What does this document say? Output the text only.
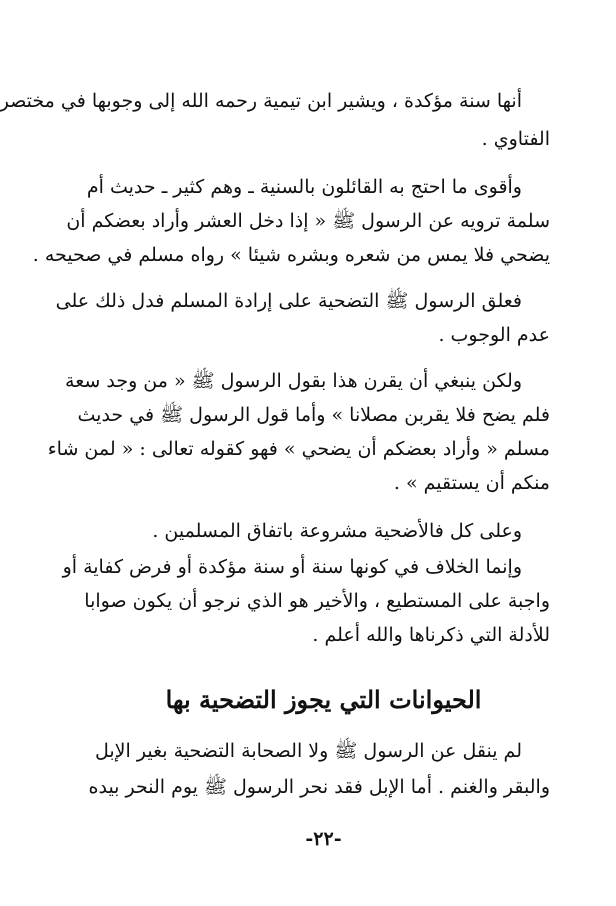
أنها سنة مؤكدة ، ويشير ابن تيمية رحمه الله إلى وجوبها في مختصر
الفتاوي .
وأقوى ما احتج به القائلون بالسنية ـ وهم كثير ـ حديث أم
سلمة ترويه عن الرسول ﷺ « إذا دخل العشر وأراد بعضكم أن
يضحي فلا يمس من شعره وبشره شيئا » رواه مسلم في صحيحه .
فعلق الرسول ﷺ التضحية على إرادة المسلم فدل ذلك على
عدم الوجوب .
ولكن ينبغي أن يقرن هذا بقول الرسول ﷺ « من وجد سعة
فلم يضح فلا يقربن مصلانا » وأما قول الرسول ﷺ في حديث
مسلم « وأراد بعضكم أن يضحي » فهو كقوله تعالى : « لمن شاء
منكم أن يستقيم » .
وعلى كل فالأضحية مشروعة باتفاق المسلمين .
وإنما الخلاف في كونها سنة أو سنة مؤكدة أو فرض كفاية أو
واجبة على المستطيع ، والأخير هو الذي نرجو أن يكون صوابا
للأدلة التي ذكرناها والله أعلم .
الحيوانات التي يجوز التضحية بها
لم ينقل عن الرسول ﷺ ولا الصحابة التضحية بغير الإبل
والبقر والغنم . أما الإبل فقد نحر الرسول ﷺ يوم النحر بيده
-٢٢-
